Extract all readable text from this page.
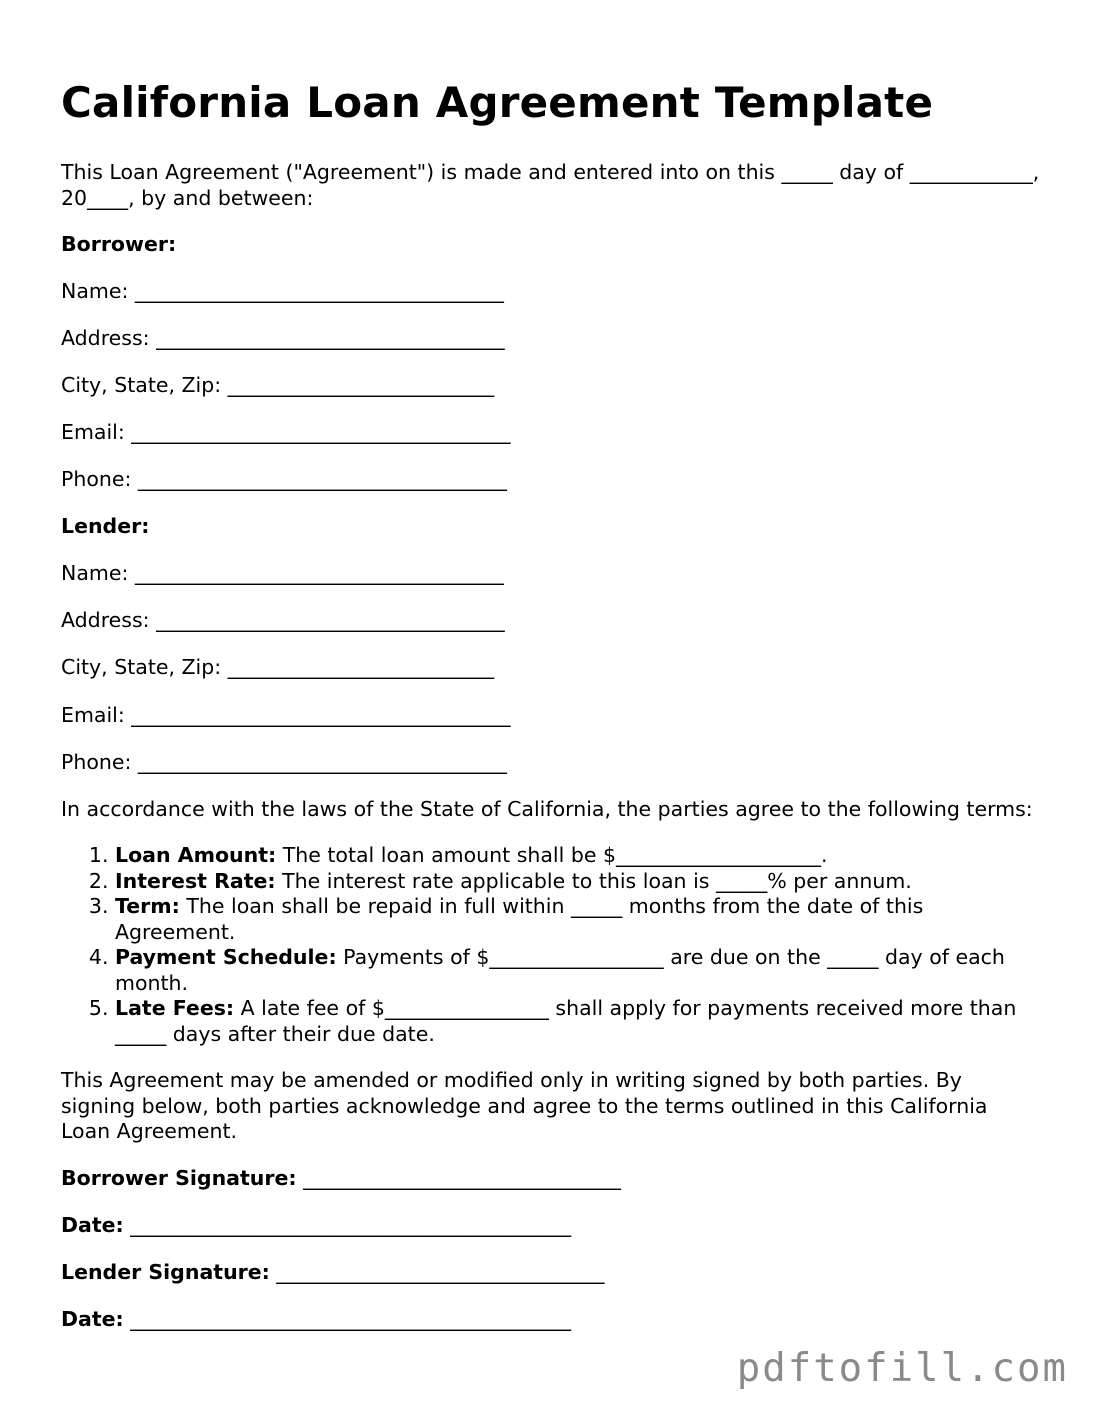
California Loan Agreement Template

This Loan Agreement ("Agreement") is made and entered into on this _____ day of ____________, 20____, by and between:

Borrower:

Name: ____________________________________

Address: __________________________________

City, State, Zip: __________________________

Email: _____________________________________

Phone: ____________________________________

Lender:

Name: ____________________________________

Address: __________________________________

City, State, Zip: __________________________

Email: _____________________________________

Phone: ____________________________________

In accordance with the laws of the State of California, the parties agree to the following terms:

1. Loan Amount: The total loan amount shall be $____________________.
2. Interest Rate: The interest rate applicable to this loan is _____% per annum.
3. Term: The loan shall be repaid in full within _____ months from the date of this Agreement.
4. Payment Schedule: Payments of $_________________ are due on the _____ day of each month.
5. Late Fees: A late fee of $________________ shall apply for payments received more than _____ days after their due date.

This Agreement may be amended or modified only in writing signed by both parties. By signing below, both parties acknowledge and agree to the terms outlined in this California Loan Agreement.

Borrower Signature: _______________________________

Date: ___________________________________________

Lender Signature: ________________________________

Date: ___________________________________________

pdftofill.com
